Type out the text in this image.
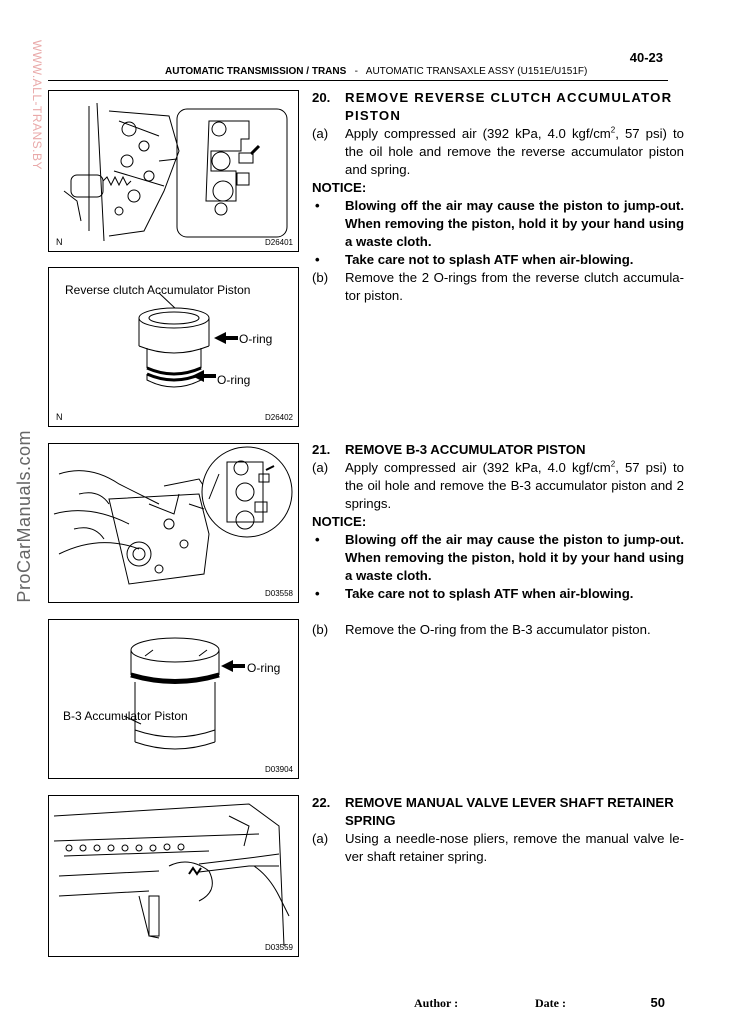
WWW.ALL-TRANS.BY
ProCarManuals.com
40-23
AUTOMATIC TRANSMISSION / TRANS - AUTOMATIC TRANSAXLE ASSY (U151E/U151F)
N	D26401
Reverse clutch Accumulator Piston
O-ring
O-ring
N	D26402
D03558
O-ring
B-3 Accumulator Piston
D03904
D03559
20.	REMOVE REVERSE CLUTCH ACCUMULATOR
PISTON
(a)	Apply compressed air (392 kPa, 4.0 kgf/$cm^2$, 57 psi) to the oil hole and remove the reverse accumulator piston and spring.
NOTICE:
•	Blowing off the air may cause the piston to jump-out. When removing the piston, hold it by your hand using a waste cloth.
•	Take care not to splash ATF when air-blowing.
(b)	Remove the 2 O-rings from the reverse clutch accumula- tor piston.
21.	REMOVE B-3 ACCUMULATOR PISTON
(a)	Apply compressed air (392 kPa, 4.0 kgf/$cm^2$, 57 psi) to the oil hole and remove the B-3 accumulator piston and 2 springs.
NOTICE:
•	Blowing off the air may cause the piston to jump-out. When removing the piston, hold it by your hand using a waste cloth.
•	Take care not to splash ATF when air-blowing.
(b)	Remove the O-ring from the B-3 accumulator piston.
22.	REMOVE MANUAL VALVE LEVER SHAFT RETAINER
SPRING
(a)	Using a needle-nose pliers, remove the manual valve le- ver shaft retainer spring.
Author :	Date :	50
